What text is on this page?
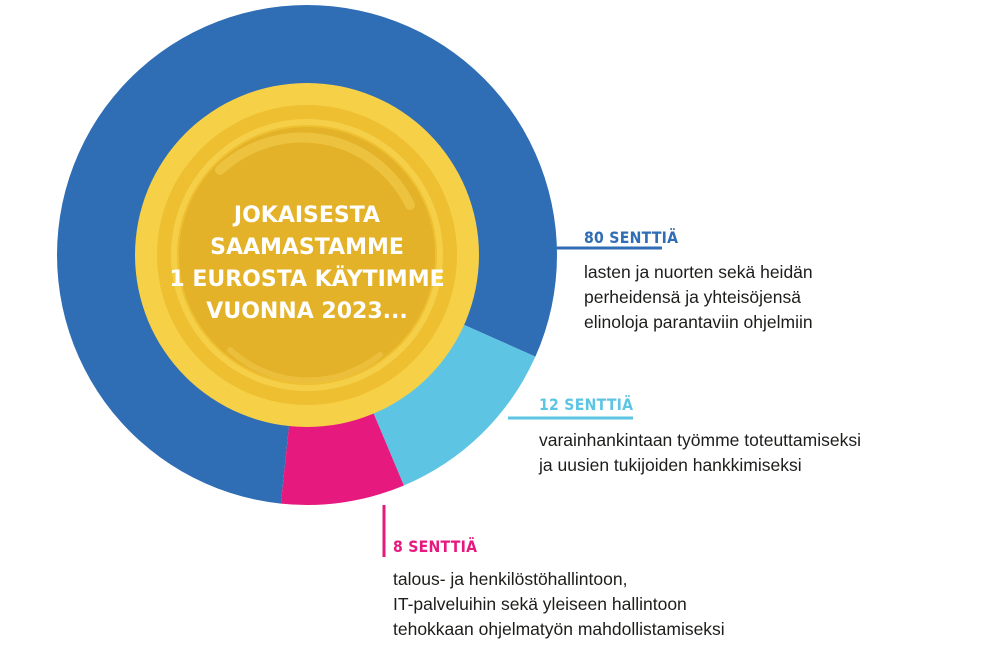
JOKAISESTA
SAAMASTAMME
1 EUROSTA KÄYTIMME
VUONNA 2023...
80 SENTTIÄ
lasten ja nuorten sekä heidän
perheidensä ja yhteisöjensä
elinoloja parantaviin ohjelmiin
12 SENTTIÄ
varainhankintaan työmme toteuttamiseksi
ja uusien tukijoiden hankkimiseksi
8 SENTTIÄ
talous- ja henkilöstöhallintoon,
IT-palveluihin sekä yleiseen hallintoon
tehokkaan ohjelmatyön mahdollistamiseksi
